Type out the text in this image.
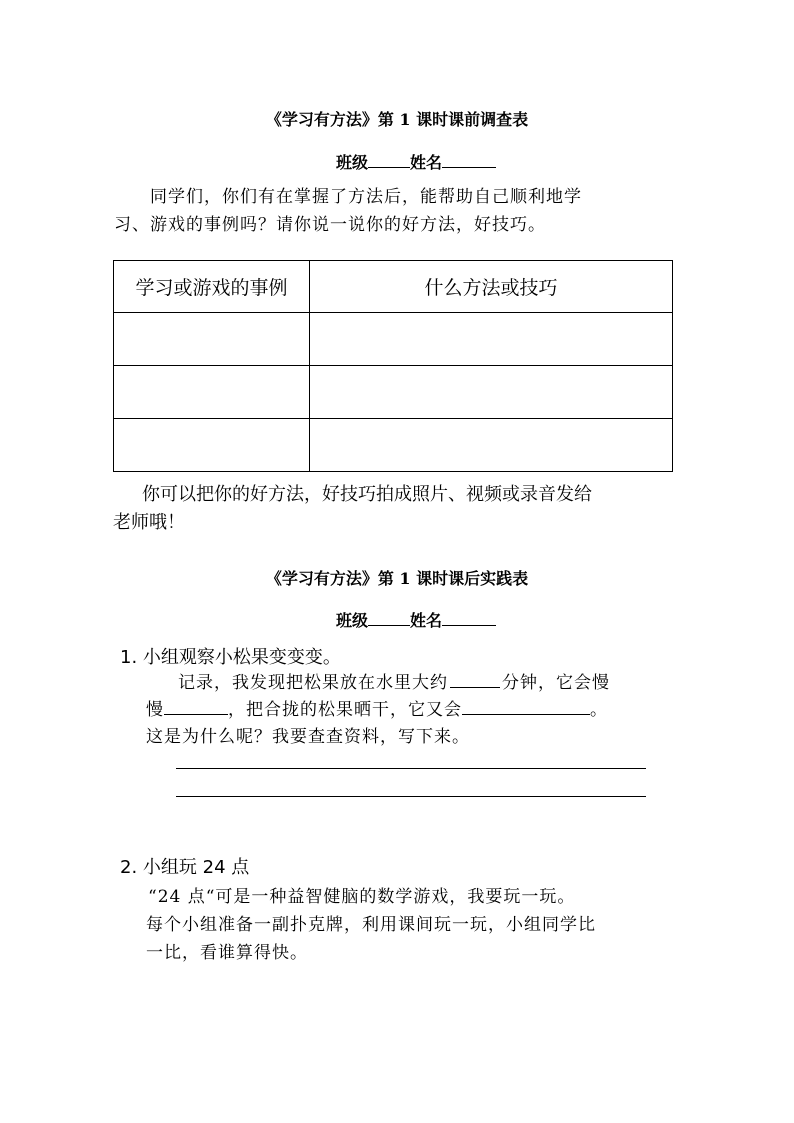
《学习有方法》第 1 课时课前调查表
班级	姓名
同学们，你们有在掌握了方法后，能帮助自己顺利地学
习、游戏的事例吗？请你说一说你的好方法，好技巧。
学习或游戏的事例	什么方法或技巧

你可以把你的好方法，好技巧拍成照片、视频或录音发给
老师哦！
《学习有方法》第 1 课时课后实践表
班级	姓名
1. 小组观察小松果变变变。
记录，我发现把松果放在水里大约	分钟，它会慢
慢	，把合拢的松果晒干，它又会	。
这是为什么呢？我要查查资料，写下来。
2. 小组玩 24 点
“24 点“可是一种益智健脑的数学游戏，我要玩一玩。
每个小组准备一副扑克牌，利用课间玩一玩，小组同学比
一比，看谁算得快。
